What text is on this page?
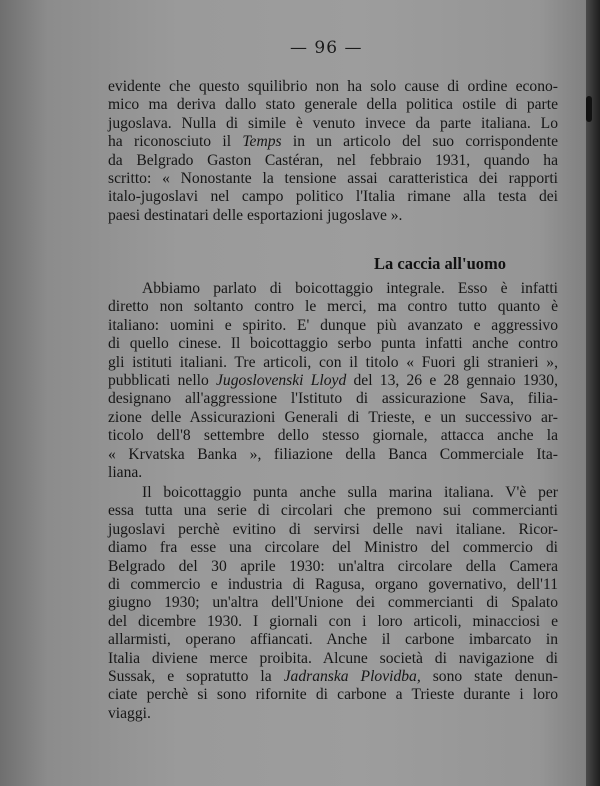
— 96 —
evidente che questo squilibrio non ha solo cause di ordine econo-
mico ma deriva dallo stato generale della politica ostile di parte
jugoslava. Nulla di simile è venuto invece da parte italiana. Lo
ha riconosciuto il Temps in un articolo del suo corrispondente
da Belgrado Gaston Castéran, nel febbraio 1931, quando ha
scritto: « Nonostante la tensione assai caratteristica dei rapporti
italo-jugoslavi nel campo politico l'Italia rimane alla testa dei
paesi destinatari delle esportazioni jugoslave ».
La caccia all'uomo
Abbiamo parlato di boicottaggio integrale. Esso è infatti
diretto non soltanto contro le merci, ma contro tutto quanto è
italiano: uomini e spirito. E' dunque più avanzato e aggressivo
di quello cinese. Il boicottaggio serbo punta infatti anche contro
gli istituti italiani. Tre articoli, con il titolo « Fuori gli stranieri »,
pubblicati nello Jugoslovenski Lloyd del 13, 26 e 28 gennaio 1930,
designano all'aggressione l'Istituto di assicurazione Sava, filia-
zione delle Assicurazioni Generali di Trieste, e un successivo ar-
ticolo dell'8 settembre dello stesso giornale, attacca anche la
« Krvatska Banka », filiazione della Banca Commerciale Ita-
liana.
Il boicottaggio punta anche sulla marina italiana. V'è per
essa tutta una serie di circolari che premono sui commercianti
jugoslavi perchè evitino di servirsi delle navi italiane. Ricor-
diamo fra esse una circolare del Ministro del commercio di
Belgrado del 30 aprile 1930: un'altra circolare della Camera
di commercio e industria di Ragusa, organo governativo, dell'11
giugno 1930; un'altra dell'Unione dei commercianti di Spalato
del dicembre 1930. I giornali con i loro articoli, minacciosi e
allarmisti, operano affiancati. Anche il carbone imbarcato in
Italia diviene merce proibita. Alcune società di navigazione di
Sussak, e sopratutto la Jadranska Plovidba, sono state denun-
ciate perchè si sono rifornite di carbone a Trieste durante i loro
viaggi.
